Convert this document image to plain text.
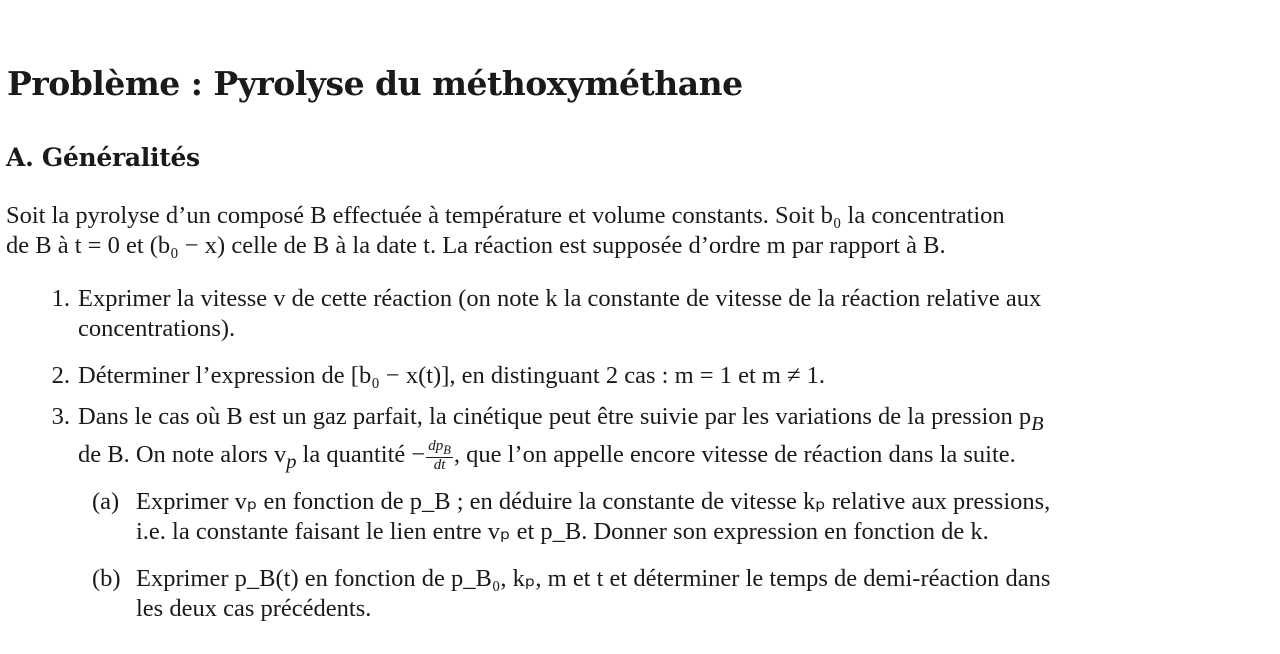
Problème : Pyrolyse du méthoxyméthane
A. Généralités
Soit la pyrolyse d’un composé B effectuée à température et volume constants. Soit b₀ la concentration
de B à t = 0 et (b₀ − x) celle de B à la date t. La réaction est supposée d’ordre m par rapport à B.
1. Exprimer la vitesse v de cette réaction (on note k la constante de vitesse de la réaction relative aux
concentrations).
2. Déterminer l’expression de [b₀ − x(t)], en distinguant 2 cas : m = 1 et m ≠ 1.
3. Dans le cas où B est un gaz parfait, la cinétique peut être suivie par les variations de la pression $p_B$
de B. On note alors $v_p$ la quantité − $\frac{dp_B}{dt}$ , que l’on appelle encore vitesse de réaction dans la suite.
(a) Exprimer vₚ en fonction de p_B ; en déduire la constante de vitesse kₚ relative aux pressions,
i.e. la constante faisant le lien entre vₚ et p_B. Donner son expression en fonction de k.
(b) Exprimer p_B(t) en fonction de p_B₀, kₚ, m et t et déterminer le temps de demi-réaction dans
les deux cas précédents.
